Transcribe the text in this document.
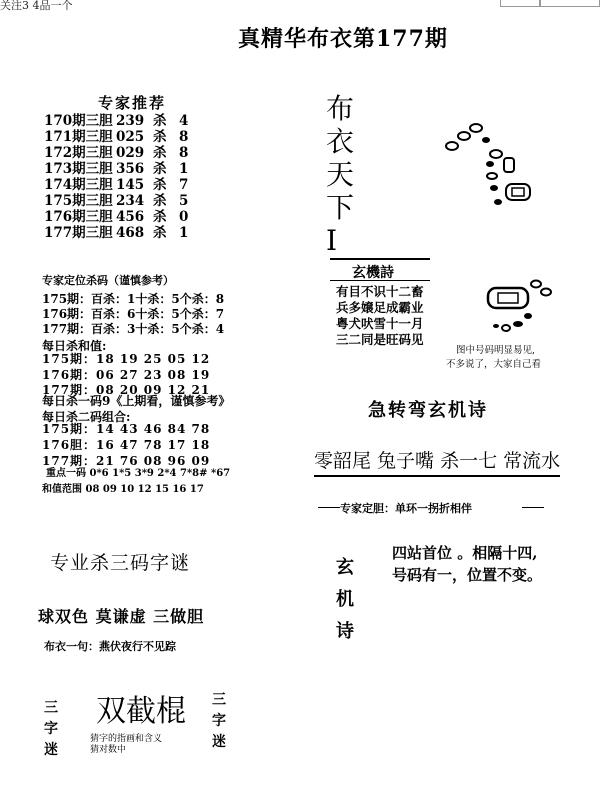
关注3 4品一个
真精华布衣第177期
专家推荐
170期三胆 239 杀 4
171期三胆 025 杀 8
172期三胆 029 杀 8
173期三胆 356 杀 1
174期三胆 145 杀 7
175期三胆 234 杀 5
176期三胆 456 杀 0
177期三胆 468 杀 1
专家定位杀码（谨慎参考）
175期：百杀：1十杀：5个杀：8
176期：百杀：6十杀：5个杀：7
177期：百杀：3十杀：5个杀：4
每日杀和值:
175期：18 19 25 05 12
176期：06 27 23 08 19
177期：08 20 09 12 21
每日杀一码9《上期看，谨慎参考》
每日杀二码组合:
175期：14 43 46 84 78
176胆：16 47 78 17 18
177期：21 76 08 96 09
重点一码 0*6 1*5 3*9 2*4 7*8# *67
和值范围 08 09 10 12 15 16 17
布衣天下Ⅰ
玄機詩
有目不识十二畜
兵多嬢足成霸业
粤犬吠雪十一月
三二同是旺码见
图中号码明显易见,
不多说了，大家自己看
急转弯玄机诗
零韶尾 兔子嘴 杀一七 常流水
专家定胆：单环一拐折相伴
玄机诗
四站首位 。相隔十四,
号码有一，位置不变。
专业杀三码字谜
球双色 莫谦虚 三做胆
布衣一句：燕伏夜行不见踪
三字迷
双截棍
猜字的指画和含义猜对数中
三字迷
